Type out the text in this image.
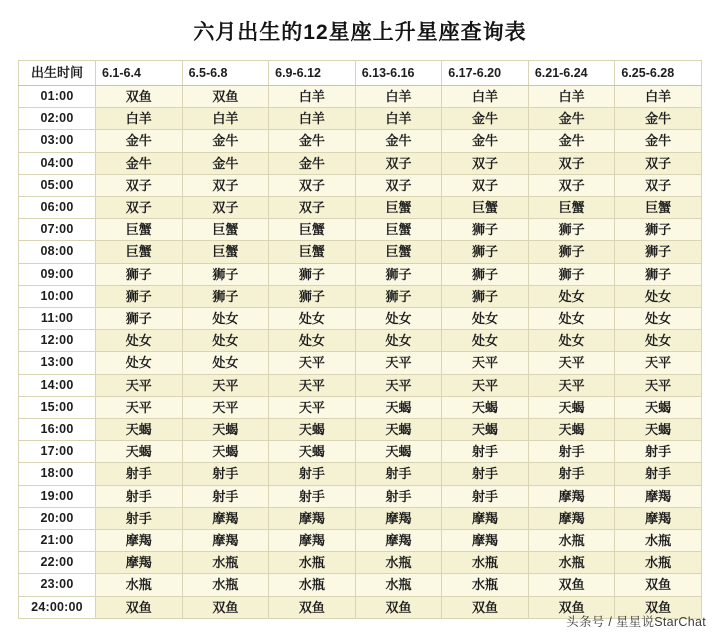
六月出生的12星座上升星座查询表
出生时间	6.1-6.4	6.5-6.8	6.9-6.12	6.13-6.16	6.17-6.20	6.21-6.24	6.25-6.28
01:00	双鱼	双鱼	白羊	白羊	白羊	白羊	白羊
02:00	白羊	白羊	白羊	白羊	金牛	金牛	金牛
03:00	金牛	金牛	金牛	金牛	金牛	金牛	金牛
04:00	金牛	金牛	金牛	双子	双子	双子	双子
05:00	双子	双子	双子	双子	双子	双子	双子
06:00	双子	双子	双子	巨蟹	巨蟹	巨蟹	巨蟹
07:00	巨蟹	巨蟹	巨蟹	巨蟹	狮子	狮子	狮子
08:00	巨蟹	巨蟹	巨蟹	巨蟹	狮子	狮子	狮子
09:00	狮子	狮子	狮子	狮子	狮子	狮子	狮子
10:00	狮子	狮子	狮子	狮子	狮子	处女	处女
11:00	狮子	处女	处女	处女	处女	处女	处女
12:00	处女	处女	处女	处女	处女	处女	处女
13:00	处女	处女	天平	天平	天平	天平	天平
14:00	天平	天平	天平	天平	天平	天平	天平
15:00	天平	天平	天平	天蝎	天蝎	天蝎	天蝎
16:00	天蝎	天蝎	天蝎	天蝎	天蝎	天蝎	天蝎
17:00	天蝎	天蝎	天蝎	天蝎	射手	射手	射手
18:00	射手	射手	射手	射手	射手	射手	射手
19:00	射手	射手	射手	射手	射手	摩羯	摩羯
20:00	射手	摩羯	摩羯	摩羯	摩羯	摩羯	摩羯
21:00	摩羯	摩羯	摩羯	摩羯	摩羯	水瓶	水瓶
22:00	摩羯	水瓶	水瓶	水瓶	水瓶	水瓶	水瓶
23:00	水瓶	水瓶	水瓶	水瓶	水瓶	双鱼	双鱼
24:00:00	双鱼	双鱼	双鱼	双鱼	双鱼	双鱼	双鱼
头条号 / 星星说StarChat
